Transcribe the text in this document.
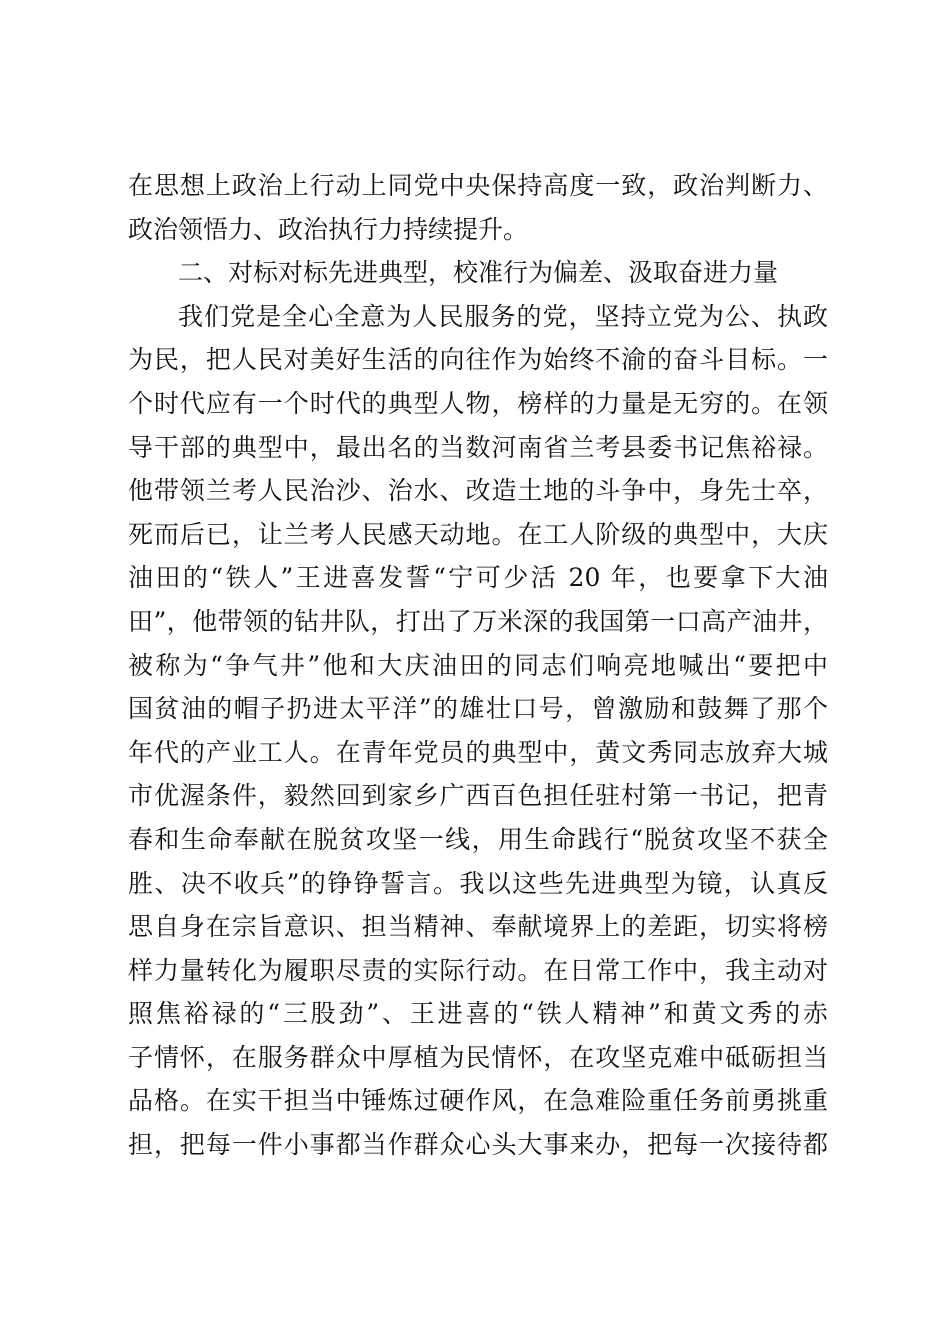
在思想上政治上行动上同党中央保持高度一致，政治判断力、
政治领悟力、政治执行力持续提升。
二、对标对标先进典型，校准行为偏差、汲取奋进力量
我们党是全心全意为人民服务的党，坚持立党为公、执政
为民，把人民对美好生活的向往作为始终不渝的奋斗目标。一
个时代应有一个时代的典型人物，榜样的力量是无穷的。在领
导干部的典型中，最出名的当数河南省兰考县委书记焦裕禄。
他带领兰考人民治沙、治水、改造土地的斗争中，身先士卒，
死而后已，让兰考人民感天动地。在工人阶级的典型中，大庆
油田的“铁人”王进喜发誓“宁可少活 20 年，也要拿下大油
田”，他带领的钻井队，打出了万米深的我国第一口高产油井，
被称为“争气井”他和大庆油田的同志们响亮地喊出“要把中
国贫油的帽子扔进太平洋”的雄壮口号，曾激励和鼓舞了那个
年代的产业工人。在青年党员的典型中，黄文秀同志放弃大城
市优渥条件，毅然回到家乡广西百色担任驻村第一书记，把青
春和生命奉献在脱贫攻坚一线，用生命践行“脱贫攻坚不获全
胜、决不收兵”的铮铮誓言。我以这些先进典型为镜，认真反
思自身在宗旨意识、担当精神、奉献境界上的差距，切实将榜
样力量转化为履职尽责的实际行动。在日常工作中，我主动对
照焦裕禄的“三股劲”、王进喜的“铁人精神”和黄文秀的赤
子情怀，在服务群众中厚植为民情怀，在攻坚克难中砥砺担当
品格。在实干担当中锤炼过硬作风，在急难险重任务前勇挑重
担，把每一件小事都当作群众心头大事来办，把每一次接待都
